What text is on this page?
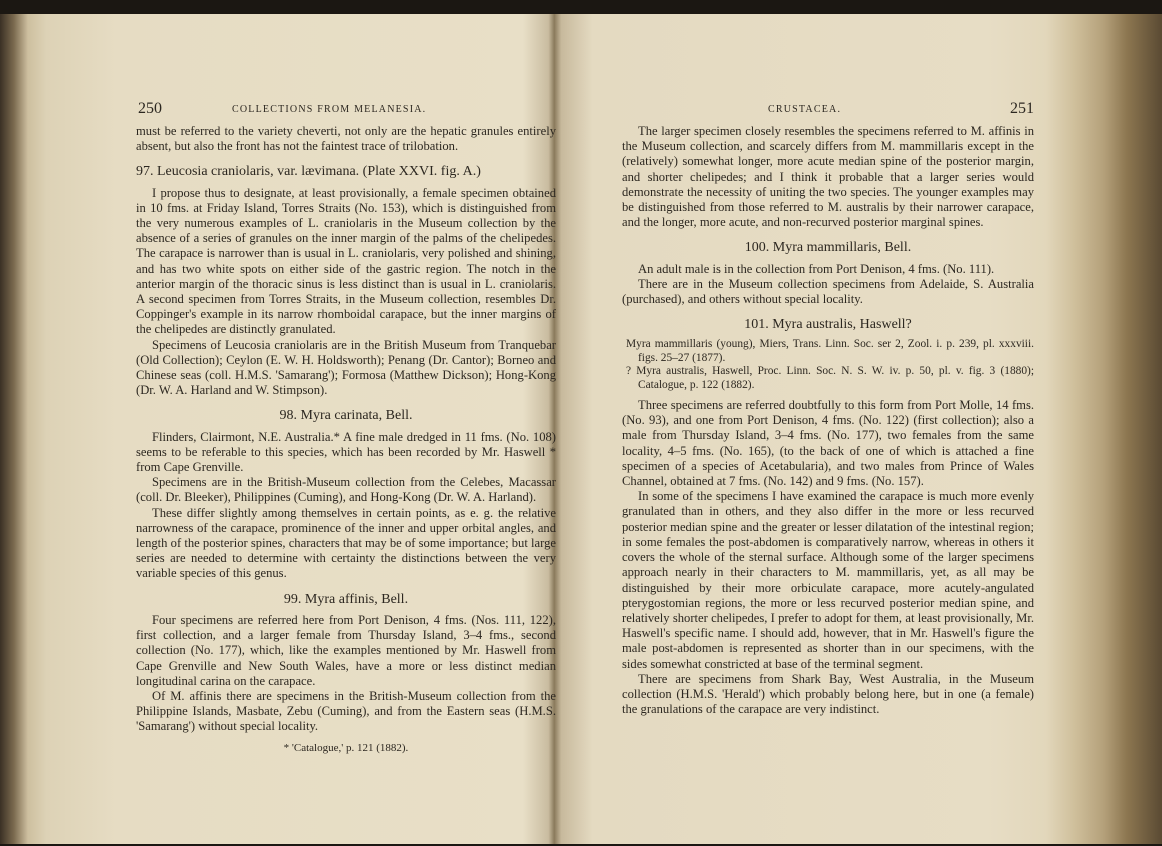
250	COLLECTIONS FROM MELANESIA.

must be referred to the variety cheverti, not only are the hepatic granules entirely absent, but also the front has not the faintest trace of trilobation.

97. Leucosia craniolaris, var. lævimana. (Plate XXVI. fig. A.)

I propose thus to designate, at least provisionally, a female specimen obtained in 10 fms. at Friday Island, Torres Straits (No. 153), which is distinguished from the very numerous examples of L. craniolaris in the Museum collection by the absence of a series of granules on the inner margin of the palms of the chelipedes. The carapace is narrower than is usual in L. craniolaris, very polished and shining, and has two white spots on either side of the gastric region. The notch in the anterior margin of the thoracic sinus is less distinct than is usual in L. craniolaris. A second specimen from Torres Straits, in the Museum collection, resembles Dr. Coppinger's example in its narrow rhomboidal carapace, but the inner margins of the chelipedes are distinctly granulated.

Specimens of Leucosia craniolaris are in the British Museum from Tranquebar (Old Collection); Ceylon (E. W. H. Holdsworth); Penang (Dr. Cantor); Borneo and Chinese seas (coll. H.M.S. 'Samarang'); Formosa (Matthew Dickson); Hong-Kong (Dr. W. A. Harland and W. Stimpson).

98. Myra carinata, Bell.

Flinders, Clairmont, N.E. Australia.* A fine male dredged in 11 fms. (No. 108) seems to be referable to this species, which has been recorded by Mr. Haswell * from Cape Grenville.

Specimens are in the British-Museum collection from the Celebes, Macassar (coll. Dr. Bleeker), Philippines (Cuming), and Hong-Kong (Dr. W. A. Harland).

These differ slightly among themselves in certain points, as e. g. the relative narrowness of the carapace, prominence of the inner and upper orbital angles, and length of the posterior spines, characters that may be of some importance; but large series are needed to determine with certainty the distinctions between the very variable species of this genus.

99. Myra affinis, Bell.

Four specimens are referred here from Port Denison, 4 fms. (Nos. 111, 122), first collection, and a larger female from Thursday Island, 3–4 fms., second collection (No. 177), which, like the examples mentioned by Mr. Haswell from Cape Grenville and New South Wales, have a more or less distinct median longitudinal carina on the carapace.

Of M. affinis there are specimens in the British-Museum collection from the Philippine Islands, Masbate, Zebu (Cuming), and from the Eastern seas (H.M.S. 'Samarang') without special locality.

* 'Catalogue,' p. 121 (1882).

CRUSTACEA.	251

The larger specimen closely resembles the specimens referred to M. affinis in the Museum collection, and scarcely differs from M. mammillaris except in the (relatively) somewhat longer, more acute median spine of the posterior margin, and shorter chelipedes; and I think it probable that a larger series would demonstrate the necessity of uniting the two species. The younger examples may be distinguished from those referred to M. australis by their narrower carapace, and the longer, more acute, and non-recurved posterior marginal spines.

100. Myra mammillaris, Bell.

An adult male is in the collection from Port Denison, 4 fms. (No. 111).

There are in the Museum collection specimens from Adelaide, S. Australia (purchased), and others without special locality.

101. Myra australis, Haswell?

Myra mammillaris (young), Miers, Trans. Linn. Soc. ser 2, Zool. i. p. 239, pl. xxxviii. figs. 25–27 (1877).

? Myra australis, Haswell, Proc. Linn. Soc. N. S. W. iv. p. 50, pl. v. fig. 3 (1880); Catalogue, p. 122 (1882).

Three specimens are referred doubtfully to this form from Port Molle, 14 fms. (No. 93), and one from Port Denison, 4 fms. (No. 122) (first collection); also a male from Thursday Island, 3–4 fms. (No. 177), two females from the same locality, 4–5 fms. (No. 165), (to the back of one of which is attached a fine specimen of a species of Acetabularia), and two males from Prince of Wales Channel, obtained at 7 fms. (No. 142) and 9 fms. (No. 157).

In some of the specimens I have examined the carapace is much more evenly granulated than in others, and they also differ in the more or less recurved posterior median spine and the greater or lesser dilatation of the intestinal region; in some females the post-abdomen is comparatively narrow, whereas in others it covers the whole of the sternal surface. Although some of the larger specimens approach nearly in their characters to M. mammillaris, yet, as all may be distinguished by their more orbiculate carapace, more acutely-angulated pterygostomian regions, the more or less recurved posterior median spine, and relatively shorter chelipedes, I prefer to adopt for them, at least provisionally, Mr. Haswell's specific name. I should add, however, that in Mr. Haswell's figure the male post-abdomen is represented as shorter than in our specimens, with the sides somewhat constricted at base of the terminal segment.

There are specimens from Shark Bay, West Australia, in the Museum collection (H.M.S. 'Herald') which probably belong here, but in one (a female) the granulations of the carapace are very indistinct.
